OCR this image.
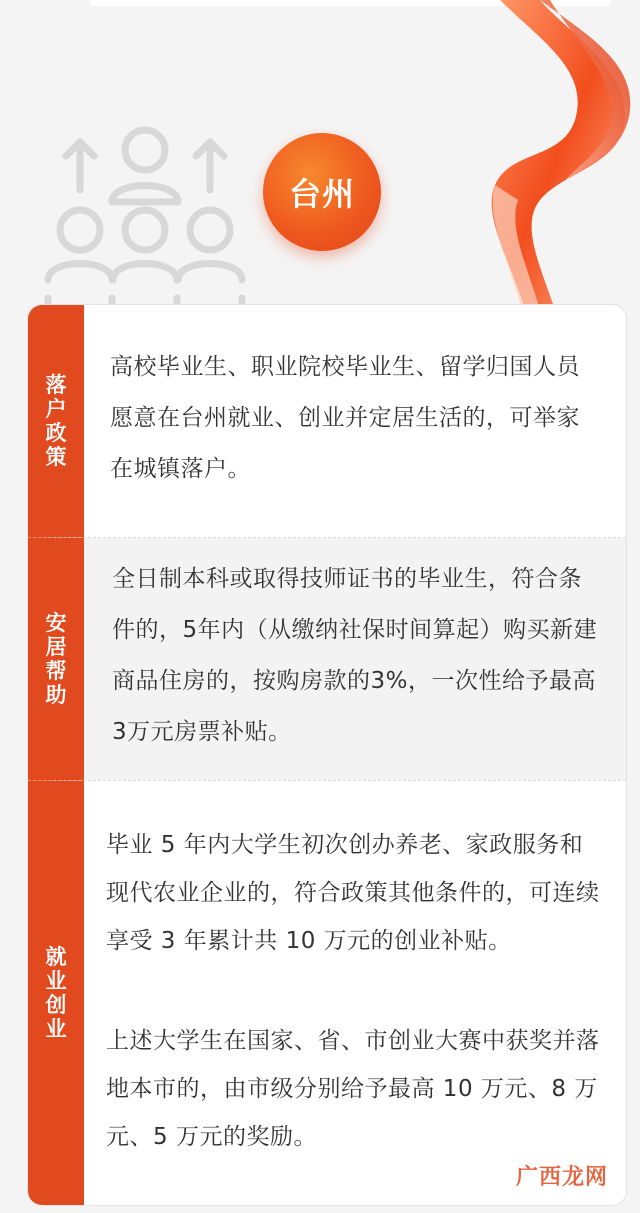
台州
落户政策

高校毕业生、职业院校毕业生、留学归国人员愿意在台州就业、创业并定居生活的，可举家在城镇落户。

安居帮助

全日制本科或取得技师证书的毕业生，符合条件的，5年内（从缴纳社保时间算起）购买新建商品住房的，按购房款的3%，一次性给予最高3万元房票补贴。

就业创业

毕业 5 年内大学生初次创办养老、家政服务和现代农业企业的，符合政策其他条件的，可连续享受 3 年累计共 10 万元的创业补贴。

上述大学生在国家、省、市创业大赛中获奖并落地本市的，由市级分别给予最高 10 万元、8 万元、5 万元的奖励。

广西龙网
